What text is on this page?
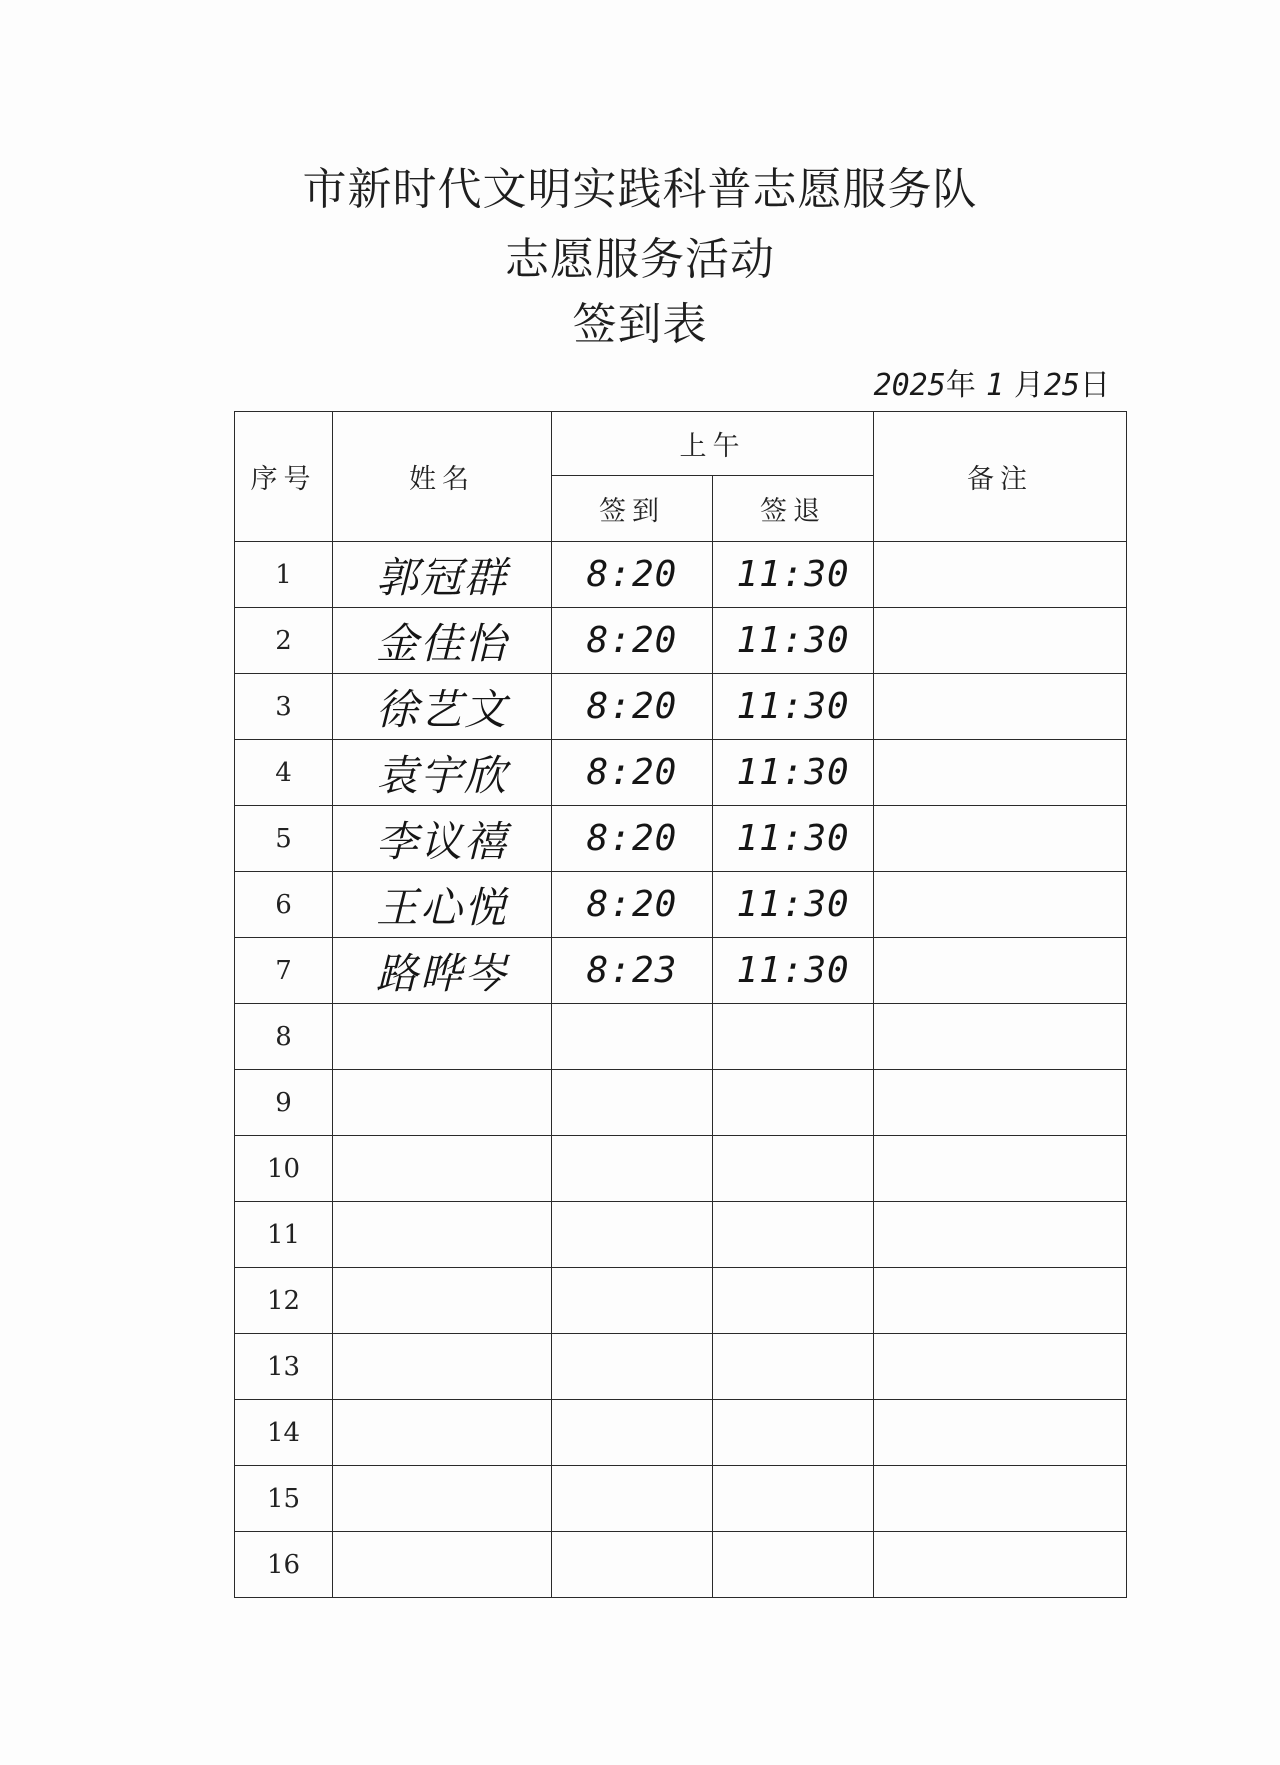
市新时代文明实践科普志愿服务队
志愿服务活动
签到表
2025年 1 月25日
序号	姓名	上午		备注
		签到	签退	
1	郭冠群	8:20	11:30	
2	金佳怡	8:20	11:30	
3	徐艺文	8:20	11:30	
4	袁宇欣	8:20	11:30	
5	李议禧	8:20	11:30	
6	王心悦	8:20	11:30	
7	路晔岑	8:23	11:30	
8				
9				
10				
11				
12				
13				
14				
15				
16				
